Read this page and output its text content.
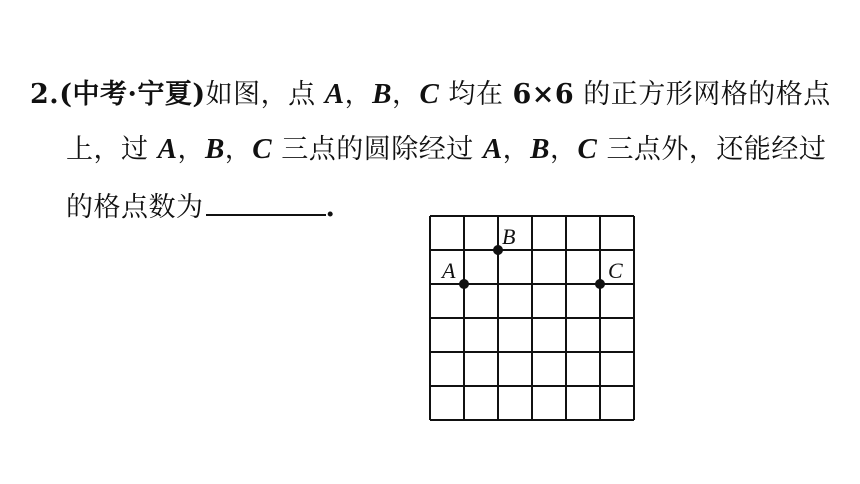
2.(中考·宁夏)如图，点 A，B，C 均在 6×6 的正方形网格的格点
上，过 A，B，C 三点的圆除经过 A，B，C 三点外，还能经过
的格点数为	.
A
B
C
